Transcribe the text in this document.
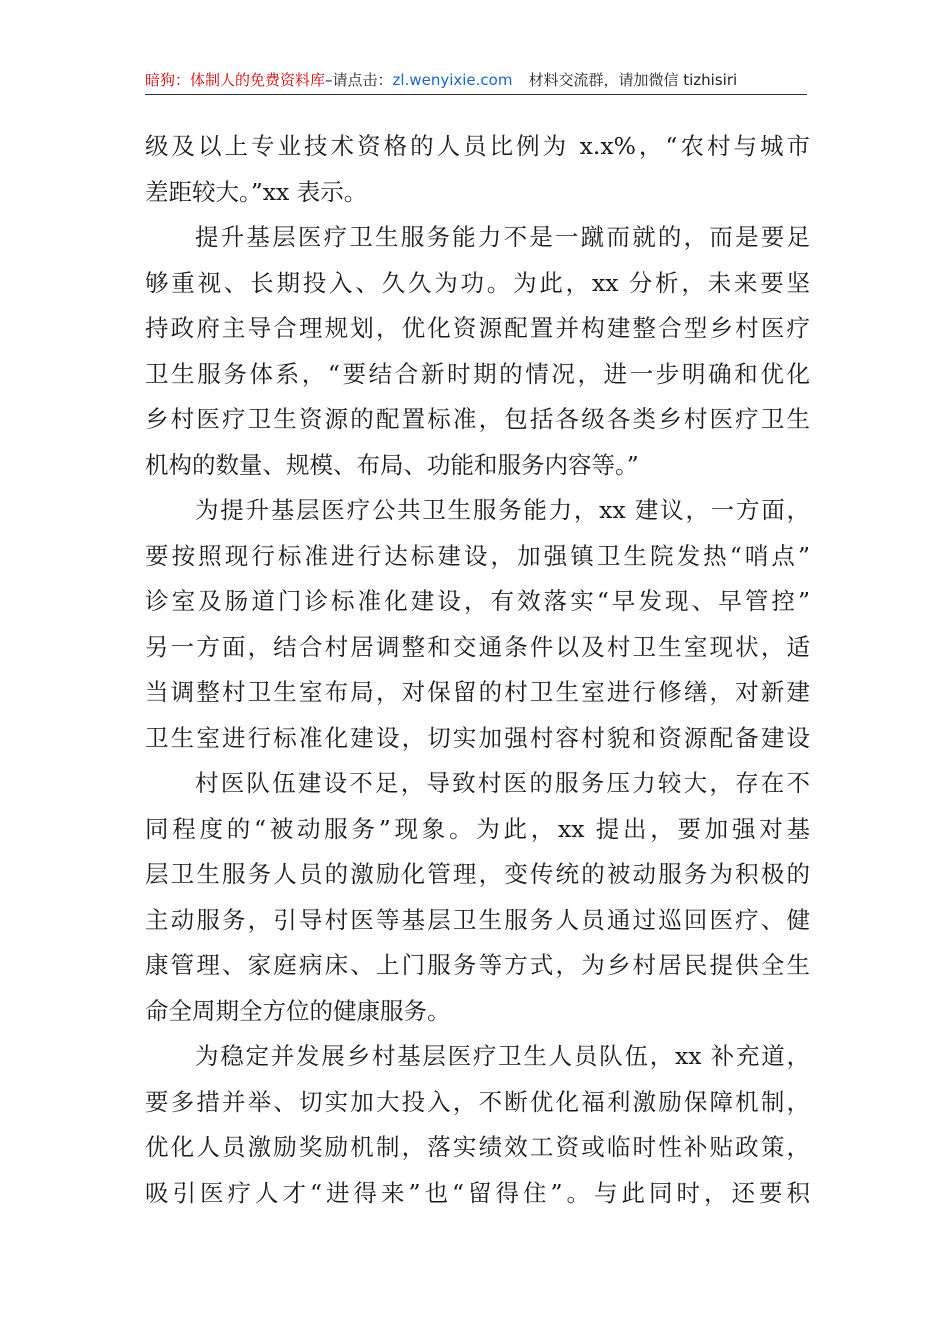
暗狗：体制人的免费资料库–请点击：zl.wenyixie.com 材料交流群，请加微信 tizhisiri
级及以上专业技术资格的人员比例为 x.x%，“农村与城市
差距较大。”xx 表示。
提升基层医疗卫生服务能力不是一蹴而就的，而是要足
够重视、长期投入、久久为功。为此，xx 分析，未来要坚
持政府主导合理规划，优化资源配置并构建整合型乡村医疗
卫生服务体系，“要结合新时期的情况，进一步明确和优化
乡村医疗卫生资源的配置标准，包括各级各类乡村医疗卫生
机构的数量、规模、布局、功能和服务内容等。”
为提升基层医疗公共卫生服务能力，xx 建议，一方面，
要按照现行标准进行达标建设，加强镇卫生院发热“哨点”
诊室及肠道门诊标准化建设，有效落实“早发现、早管控”
另一方面，结合村居调整和交通条件以及村卫生室现状，适
当调整村卫生室布局，对保留的村卫生室进行修缮，对新建
卫生室进行标准化建设，切实加强村容村貌和资源配备建设
村医队伍建设不足，导致村医的服务压力较大，存在不
同程度的“被动服务”现象。为此，xx 提出，要加强对基
层卫生服务人员的激励化管理，变传统的被动服务为积极的
主动服务，引导村医等基层卫生服务人员通过巡回医疗、健
康管理、家庭病床、上门服务等方式，为乡村居民提供全生
命全周期全方位的健康服务。
为稳定并发展乡村基层医疗卫生人员队伍，xx 补充道，
要多措并举、切实加大投入，不断优化福利激励保障机制，
优化人员激励奖励机制，落实绩效工资或临时性补贴政策，
吸引医疗人才“进得来”也“留得住”。与此同时，还要积
